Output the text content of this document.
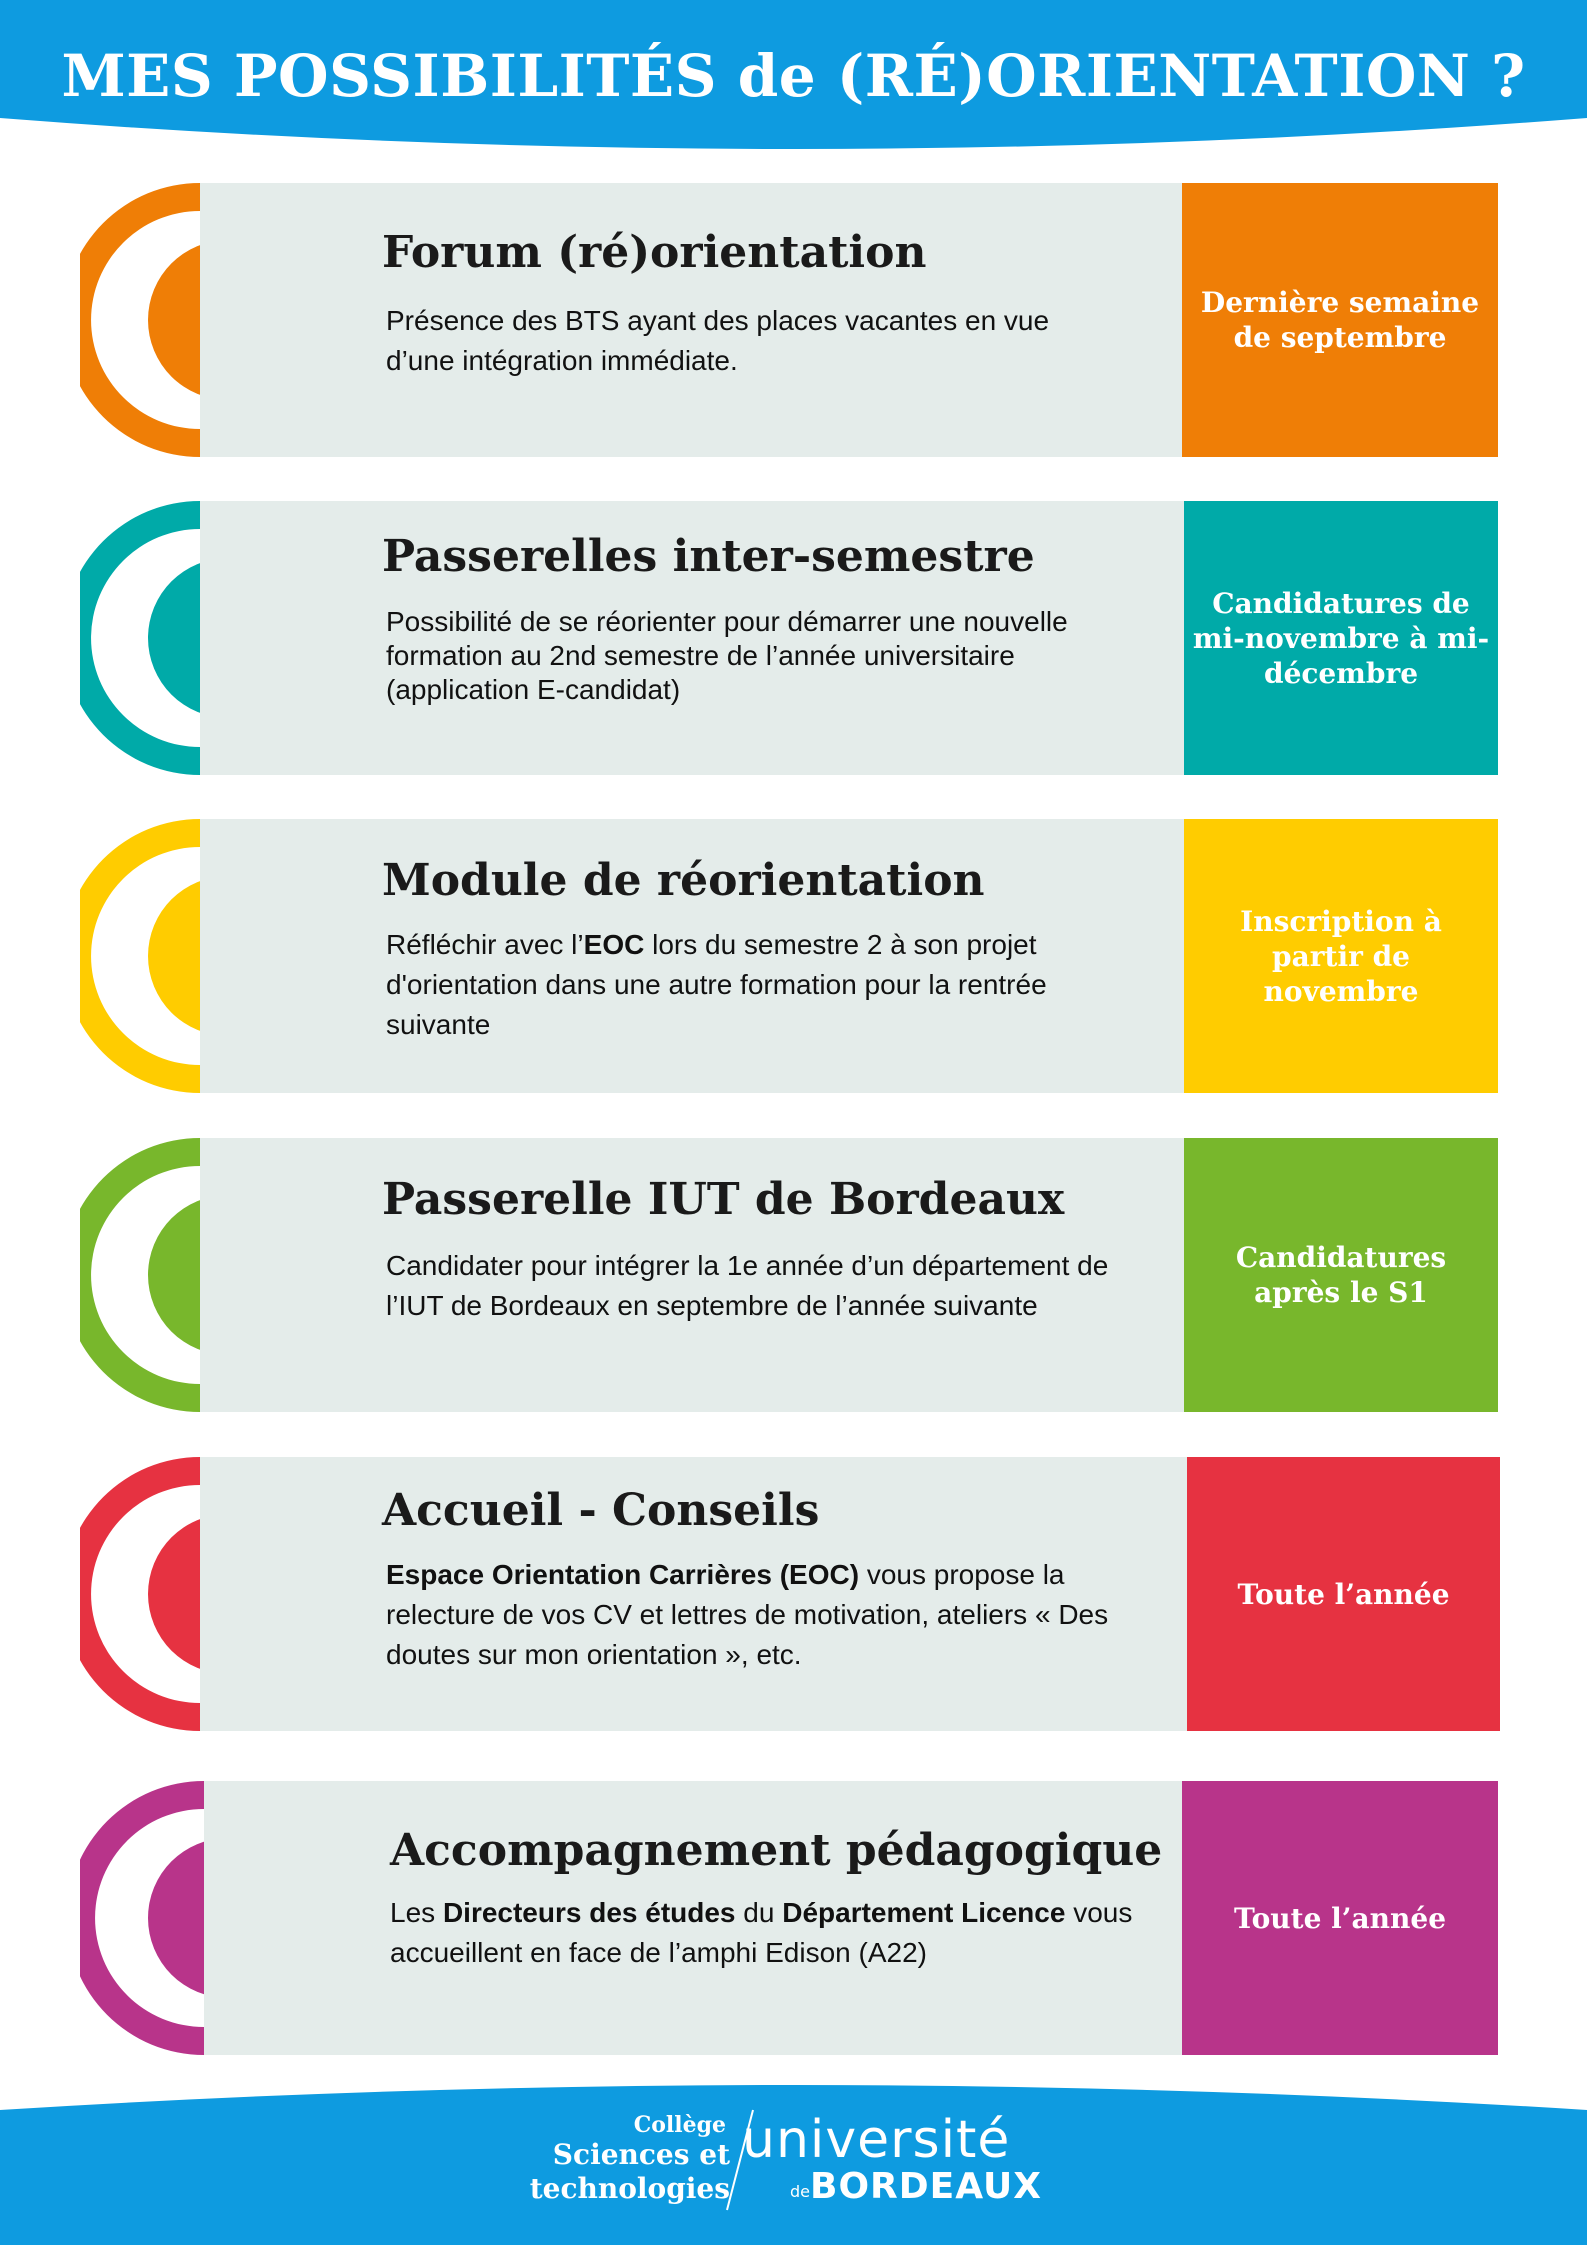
MES POSSIBILITÉS de (RÉ)ORIENTATION ?
Forum (ré)orientation
Présence des BTS ayant des places vacantes en vue d’une intégration immédiate.
Dernière semaine de septembre
Passerelles inter-semestre
Possibilité de se réorienter pour démarrer une nouvelle formation au 2nd semestre de l’année universitaire (application E-candidat)
Candidatures de mi-novembre à mi-décembre
Module de réorientation
Réfléchir avec l’EOC lors du semestre 2 à son projet d'orientation dans une autre formation pour la rentrée suivante
Inscription à partir de novembre
Passerelle IUT de Bordeaux
Candidater pour intégrer la 1e année d’un département de l’IUT de Bordeaux en septembre de l’année suivante
Candidatures après le S1
Accueil - Conseils
Espace Orientation Carrières (EOC) vous propose la relecture de vos CV et lettres de motivation, ateliers « Des doutes sur mon orientation », etc.
Toute l’année
Accompagnement pédagogique
Les Directeurs des études du Département Licence vous accueillent en face de l’amphi Edison (A22)
Toute l’année
Collège
Sciences et
technologies
université
de BORDEAUX
